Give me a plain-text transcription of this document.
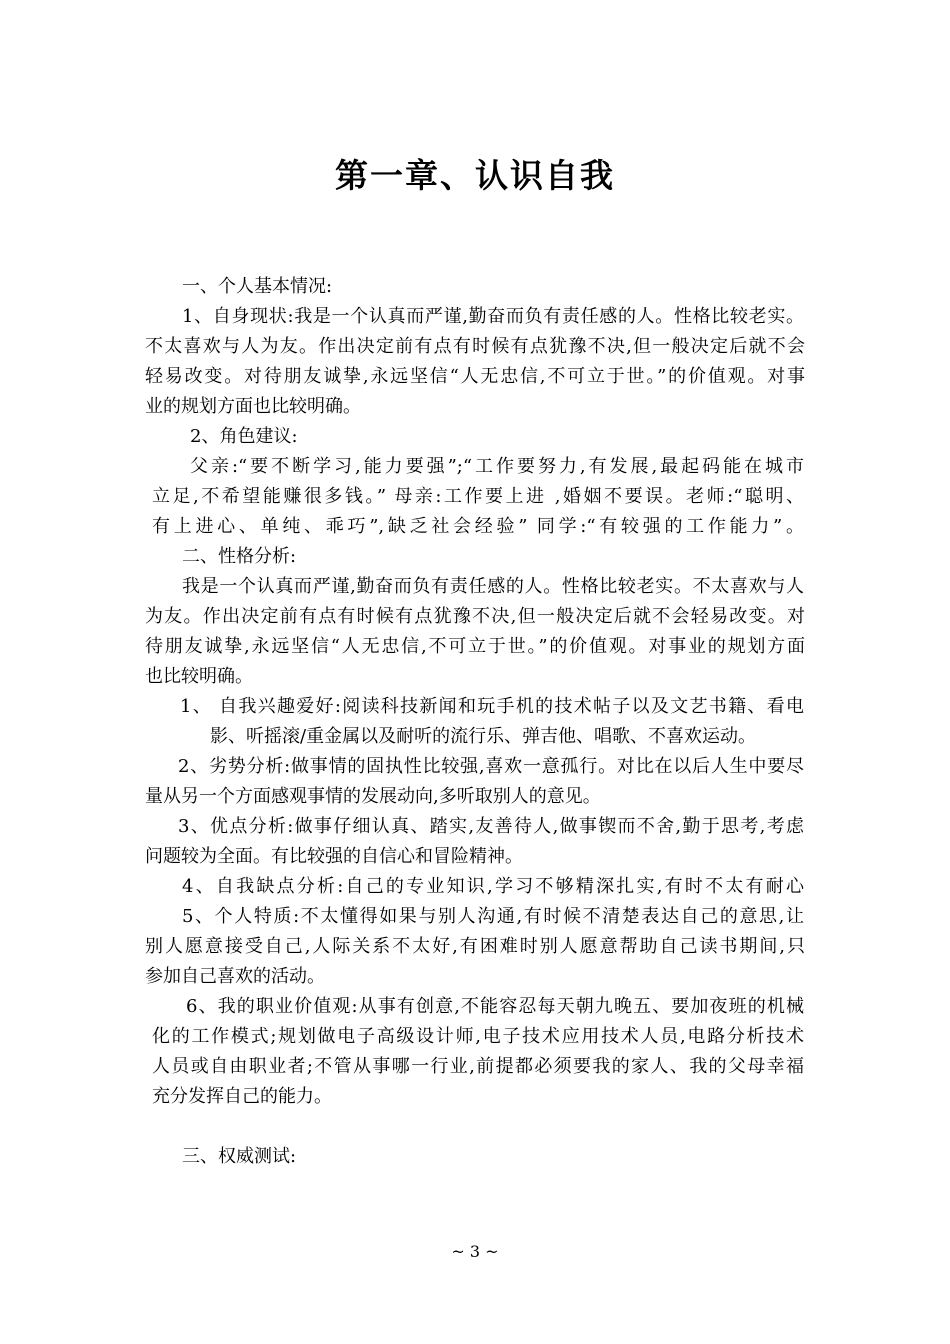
第一章、认识自我
一、个人基本情况:
1、自身现状:我是一个认真而严谨,勤奋而负有责任感的人。性格比较老实。
不太喜欢与人为友。作出决定前有点有时候有点犹豫不决,但一般决定后就不会
轻易改变。对待朋友诚挚,永远坚信“人无忠信,不可立于世。”的价值观。对事
业的规划方面也比较明确。
2、角色建议:
父亲:“要不断学习,能力要强”;“工作要努力,有发展,最起码能在城市
立足,不希望能赚很多钱。” 母亲:工作要上进 ,婚姻不要误。老师:“聪明、
有上进心、单纯、乖巧”,缺乏社会经验” 同学:“有较强的工作能力”。
二、性格分析:
我是一个认真而严谨,勤奋而负有责任感的人。性格比较老实。不太喜欢与人
为友。作出决定前有点有时候有点犹豫不决,但一般决定后就不会轻易改变。对
待朋友诚挚,永远坚信“人无忠信,不可立于世。”的价值观。对事业的规划方面
也比较明确。
1、 自我兴趣爱好:阅读科技新闻和玩手机的技术帖子以及文艺书籍、看电
影、听摇滚/重金属以及耐听的流行乐、弹吉他、唱歌、不喜欢运动。
2、劣势分析:做事情的固执性比较强,喜欢一意孤行。对比在以后人生中要尽
量从另一个方面感观事情的发展动向,多听取别人的意见。
3、优点分析:做事仔细认真、踏实,友善待人,做事锲而不舍,勤于思考,考虑
问题较为全面。有比较强的自信心和冒险精神。
4、自我缺点分析:自己的专业知识,学习不够精深扎实,有时不太有耐心
5、个人特质:不太懂得如果与别人沟通,有时候不清楚表达自己的意思,让
别人愿意接受自己,人际关系不太好,有困难时别人愿意帮助自己读书期间,只
参加自己喜欢的活动。
6、我的职业价值观:从事有创意,不能容忍每天朝九晚五、要加夜班的机械
化的工作模式;规划做电子高级设计师,电子技术应用技术人员,电路分析技术
人员或自由职业者;不管从事哪一行业,前提都必须要我的家人、我的父母幸福
充分发挥自己的能力。
三、权威测试:
~ 3 ~
